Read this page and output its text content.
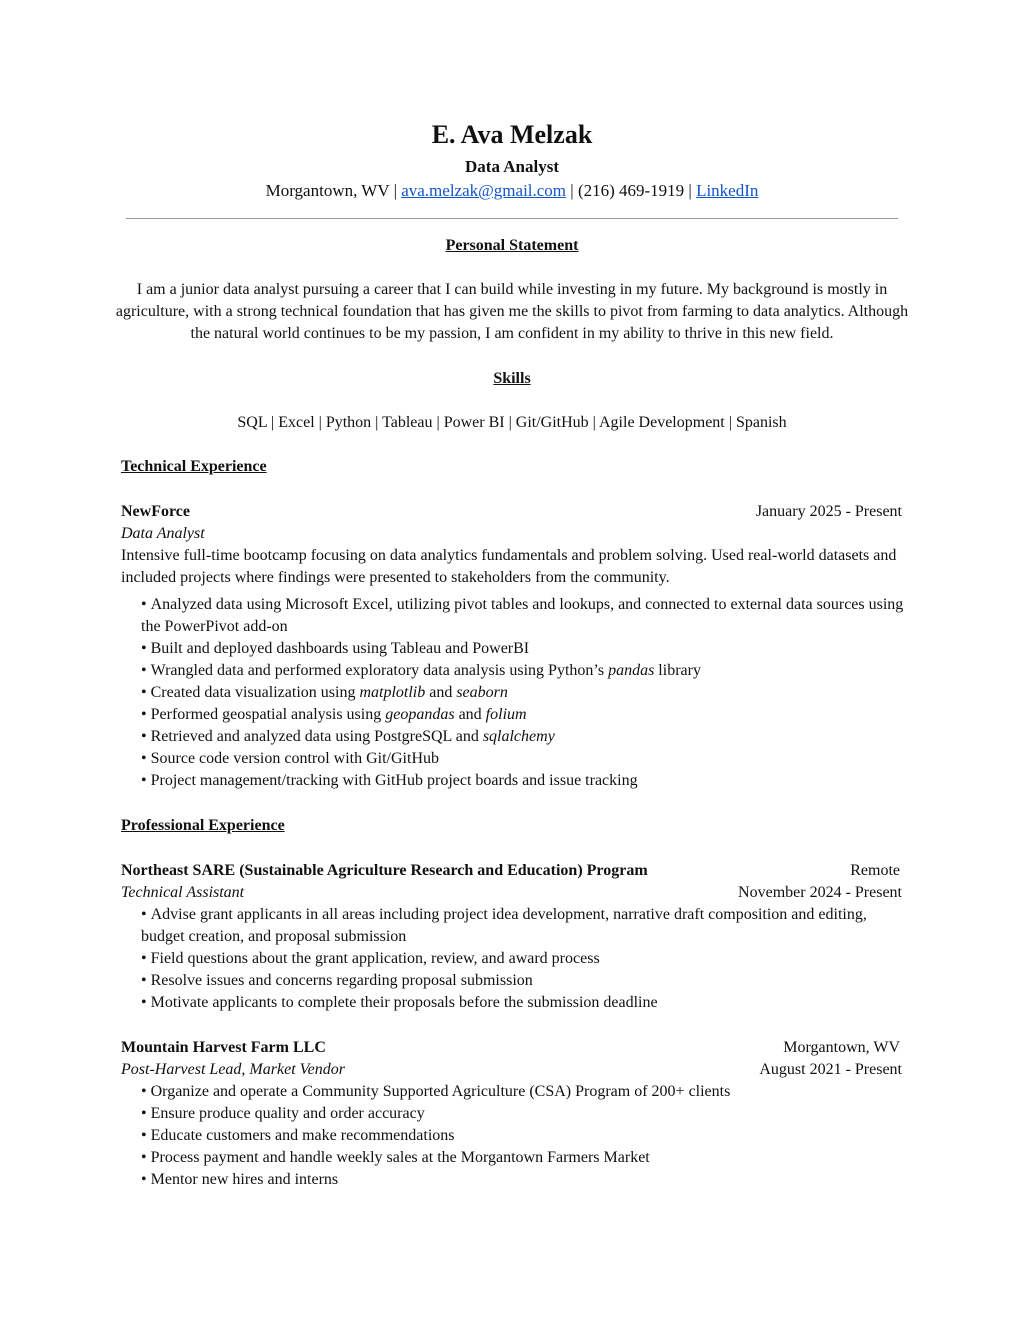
E. Ava Melzak
Data Analyst
Morgantown, WV | ava.melzak@gmail.com | (216) 469-1919 | LinkedIn
Personal Statement
I am a junior data analyst pursuing a career that I can build while investing in my future. My background is mostly in agriculture, with a strong technical foundation that has given me the skills to pivot from farming to data analytics. Although the natural world continues to be my passion, I am confident in my ability to thrive in this new field.
Skills
SQL | Excel | Python | Tableau | Power BI | Git/GitHub | Agile Development | Spanish
Technical Experience
NewForce	January 2025 - Present
Data Analyst
Intensive full-time bootcamp focusing on data analytics fundamentals and problem solving. Used real-world datasets and included projects where findings were presented to stakeholders from the community.
• Analyzed data using Microsoft Excel, utilizing pivot tables and lookups, and connected to external data sources using the PowerPivot add-on
• Built and deployed dashboards using Tableau and PowerBI
• Wrangled data and performed exploratory data analysis using Python’s pandas library
• Created data visualization using matplotlib and seaborn
• Performed geospatial analysis using geopandas and folium
• Retrieved and analyzed data using PostgreSQL and sqlalchemy
• Source code version control with Git/GitHub
• Project management/tracking with GitHub project boards and issue tracking
Professional Experience
Northeast SARE (Sustainable Agriculture Research and Education) Program	Remote
Technical Assistant	November 2024 - Present
• Advise grant applicants in all areas including project idea development, narrative draft composition and editing, budget creation, and proposal submission
• Field questions about the grant application, review, and award process
• Resolve issues and concerns regarding proposal submission
• Motivate applicants to complete their proposals before the submission deadline
Mountain Harvest Farm LLC	Morgantown, WV
Post-Harvest Lead, Market Vendor	August 2021 - Present
• Organize and operate a Community Supported Agriculture (CSA) Program of 200+ clients
• Ensure produce quality and order accuracy
• Educate customers and make recommendations
• Process payment and handle weekly sales at the Morgantown Farmers Market
• Mentor new hires and interns
